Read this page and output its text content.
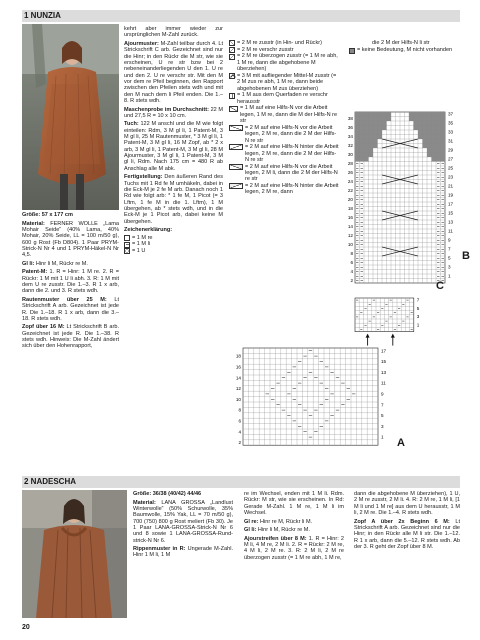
1 NUNZIA

Größe: 57 x 177 cm

Material: FERNER WOLLE „Lama Mohair Seide“ (40% Lama, 40% Mohair, 20% Seide, LL = 100 m/50 g), 600 g Rost (Fb D804). 1 Paar PRYM-Strick-N Nr 4 und 1 PRYM-Häkel-N Nr 4,5.

Gl li: Hinr li M, Rückr re M.

Patent-M: 1. R = Hinr: 1 M re. 2. R = Rückr: 1 M mit 1 U li abh. 3. R: 1 M mit dem U re zusstr. Die 1.–3. R 1 x arb, dann die 2. und 3. R stets wdh.

Rautenmuster über 25 M: Lt Strickschrift A arb. Gezeichnet ist jede R. Die 1.–18. R 1 x arb, dann die 3.–18. R stets wdh.

Zopf über 16 M: Lt Strickschrift B arb. Gezeichnet ist jede R. Die 1.–38. R stets wdh. Hinweis: Die M-Zahl ändert sich über den Hohenrapport,

kehrt aber immer wieder zur ursprünglichen M-Zahl zurück.

Ajourmuster: M-Zahl teilbar durch 4. Lt Strickschrift C arb. Gezeichnet sind nur die Hinr; in den Rückr die M str, wie sie erscheinen, U re str bzw bei 2 nebeneinanderliegenden U den 1. U re und den 2. U re verschr str. Mit den M vor dem re Pfeil beginnen, den Rapport zwischen den Pfeilen stets wdh und mit den M nach dem li Pfeil enden. Die 1.–8. R stets wdh.

Maschenprobe im Durchschnitt: 22 M und 27,5 R = 10 x 10 cm.

Tuch: 122 M anschl und die M wie folgt einteilen: Rdm, 3 M gl li, 1 Patent-M, 3 M gl li, 25 M Rautenmuster, * 3 M gl li, 1 Patent-M, 3 M gl li, 16 M Zopf, ab * 2 x arb, 3 M gl li, 1 Patent-M, 3 M gl li, 28 M Ajourmuster, 3 M gl li, 1 Patent-M, 3 M gl li, Rdm. Nach 175 cm = 480 R ab Anschlag alle M abk.

Fertigstellung: Den äußeren Rand des Tuchs mit 1 Rd fe M umhäkeln, dabei in die Eck-M je 2 fe M arb. Danach noch 1 Rd wie folgt arb: * 1 fe M, 1 Picot (= 3 Lftm, 1 fe M in die 1. Lftm), 1 M übergehen, ab * stets wdh, und in die Eck-M je 1 Picot arb, dabei keine M übergehen.

Zeichenerklärung:

= 1 M re
= 1 M li
= 1 U
= 2 M re zusstr (in Hin- und Rückr)
= 2 M re verschr zusstr
= 2 M re überzogen zusstr (= 1 M re abh, 1 M re, dann die abgehobene M überziehen)
= 3 M mit aufliegender Mittel-M zusstr (= 2 M zus re abh, 1 M re, dann beide abgehobenen M zus überziehen)
= 1 M aus dem Querfaden re verschr herausstr
= 1 M auf eine Hilfs-N vor die Arbeit legen, 1 M re, dann die M der Hilfs-N re str
= 2 M auf eine Hilfs-N vor die Arbeit legen, 2 M re, dann die 2 M der Hilfs-N re str
= 2 M auf eine Hilfs-N hinter die Arbeit legen, 2 M re, dann die 2 M der Hilfs-N re str
= 2 M auf eine Hilfs-N vor die Arbeit legen, 2 M li, dann die 2 M der Hilfs-N re str
= 2 M auf eine Hilfs-N hinter die Arbeit legen, 2 M re, dann
die 2 M der Hilfs-N li str
= keine Bedeutung, M nicht vorhanden
37
35
33
31
29
27
25
23
21
19
17
15
13
11
9
7
5
3
1
38
36
34
32
30
28
26
24
22
20
18
16
14
12
10
8
6
4
2
7
5
3
1
17
15
13
11
9
7
5
3
1
18
16
14
12
10
8
6
4
2
B
C
A
2 NADESCHA

Größe: 36/38 (40/42) 44/46

Material: LANA GROSSA „Landlust Winterwolle“ (50% Schurwolle, 35% Baumwolle, 15% Yak, LL = 70 m/50 g), 700 (750) 800 g Rost meliert (Fb 30). Je 1 Paar LANA-GROSSA-Strick-N Nr 6 und 8 sowie 1 LANA-GROSSA-Rund-strick-N Nr 6.

Rippenmuster in R: Ungerade M-Zahl. Hinr 1 M li, 1 M

re im Wechsel, enden mit 1 M li. Rdm. Rückr: M str, wie sie erscheinen. In Rd: Gerade M-Zahl. 1 M re, 1 M li im Wechsel.

Gl re: Hinr re M, Rückr li M.

Gl li: Hinr li M, Rückr re M.

Ajourstreifen über 8 M: 1. R = Hinr: 2 M li, 4 M re, 2 M li. 2. R = Rückr: 2 M re, 4 M li, 2 M re. 3. R: 2 M li, 2 M re überzogen zusstr (= 1 M re abh, 1 M re,

dann die abgehobene M überziehen), 1 U, 2 M re zusstr, 2 M li. 4. R: 2 M re, 1 M li, [1 M li und 1 M re] aus dem U herausstr, 1 M li, 2 M re. Die 1.–4. R stets wdh.

Zopf A über 2x Beginn 6 M: Lt Strickschrift A arb. Gezeichnet sind nur die Hinr; in den Rückr alle M li str. Die 1.–12. R 1 x arb, dann die 5.–12. R stets wdh. Ab der 3. R geht der Zopf über 8 M.

20
